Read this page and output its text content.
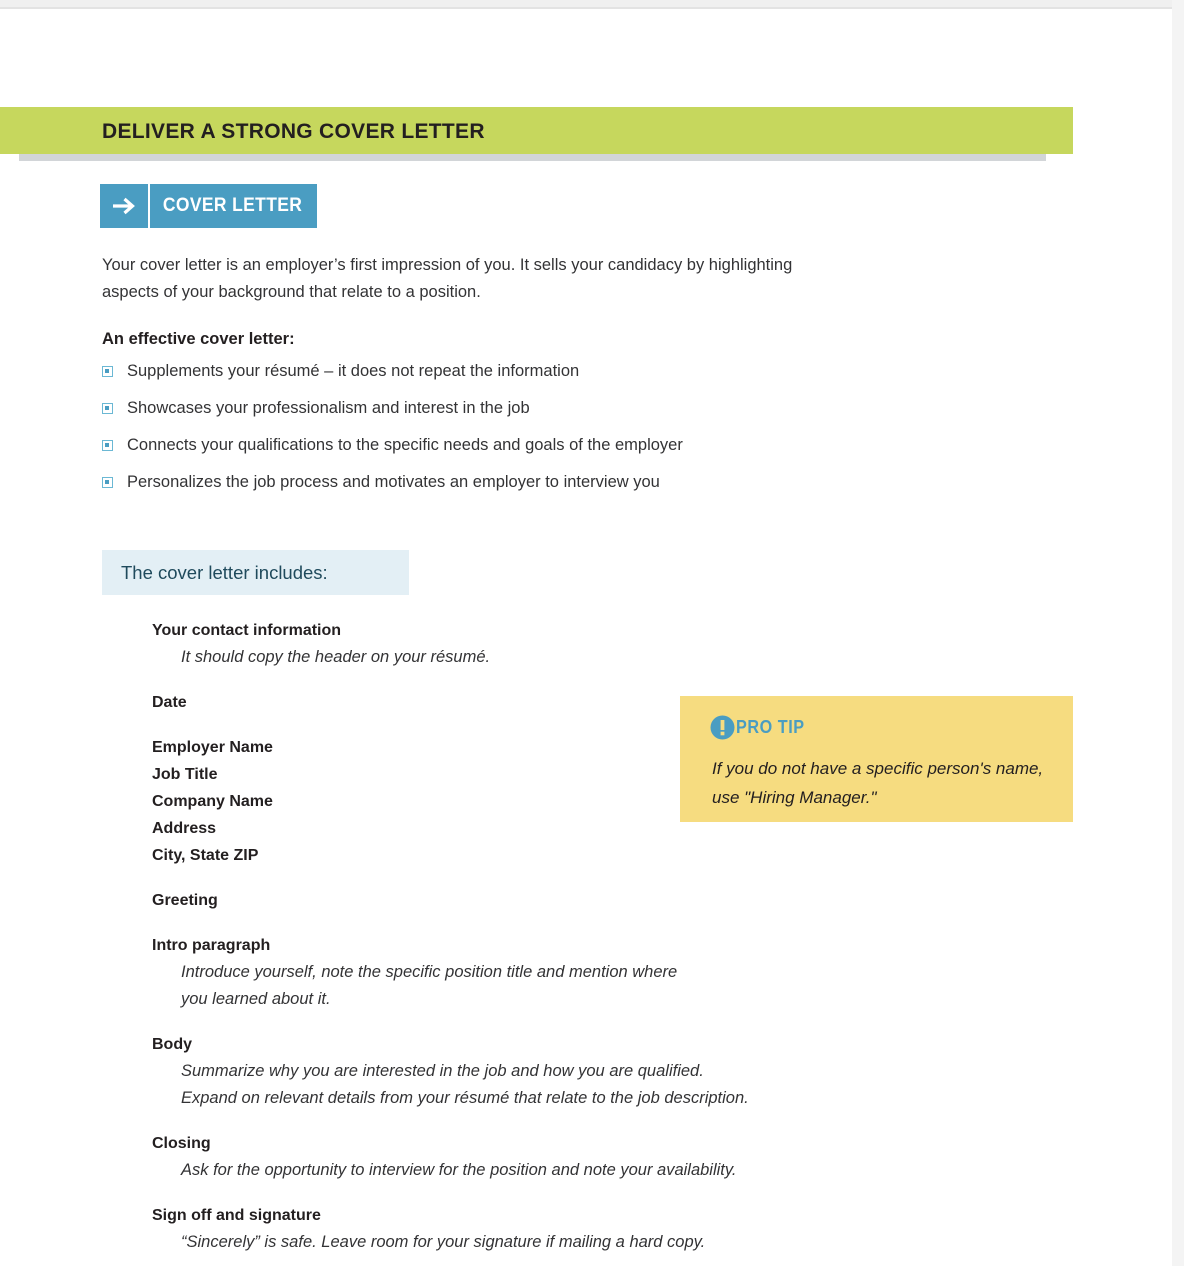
DELIVER A STRONG COVER LETTER
COVER LETTER
Your cover letter is an employer’s first impression of you. It sells your candidacy by highlighting aspects of your background that relate to a position.
An effective cover letter:
Supplements your résumé – it does not repeat the information
Showcases your professionalism and interest in the job
Connects your qualifications to the specific needs and goals of the employer
Personalizes the job process and motivates an employer to interview you
The cover letter includes:
Your contact information
It should copy the header on your résumé.
Date
Employer Name
Job Title
Company Name
Address
City, State ZIP
Greeting
Intro paragraph
Introduce yourself, note the specific position title and mention where
you learned about it.
Body
Summarize why you are interested in the job and how you are qualified.
Expand on relevant details from your résumé that relate to the job description.
Closing
Ask for the opportunity to interview for the position and note your availability.
Sign off and signature
“Sincerely” is safe. Leave room for your signature if mailing a hard copy.
PRO TIP
If you do not have a specific person's name, use "Hiring Manager."
